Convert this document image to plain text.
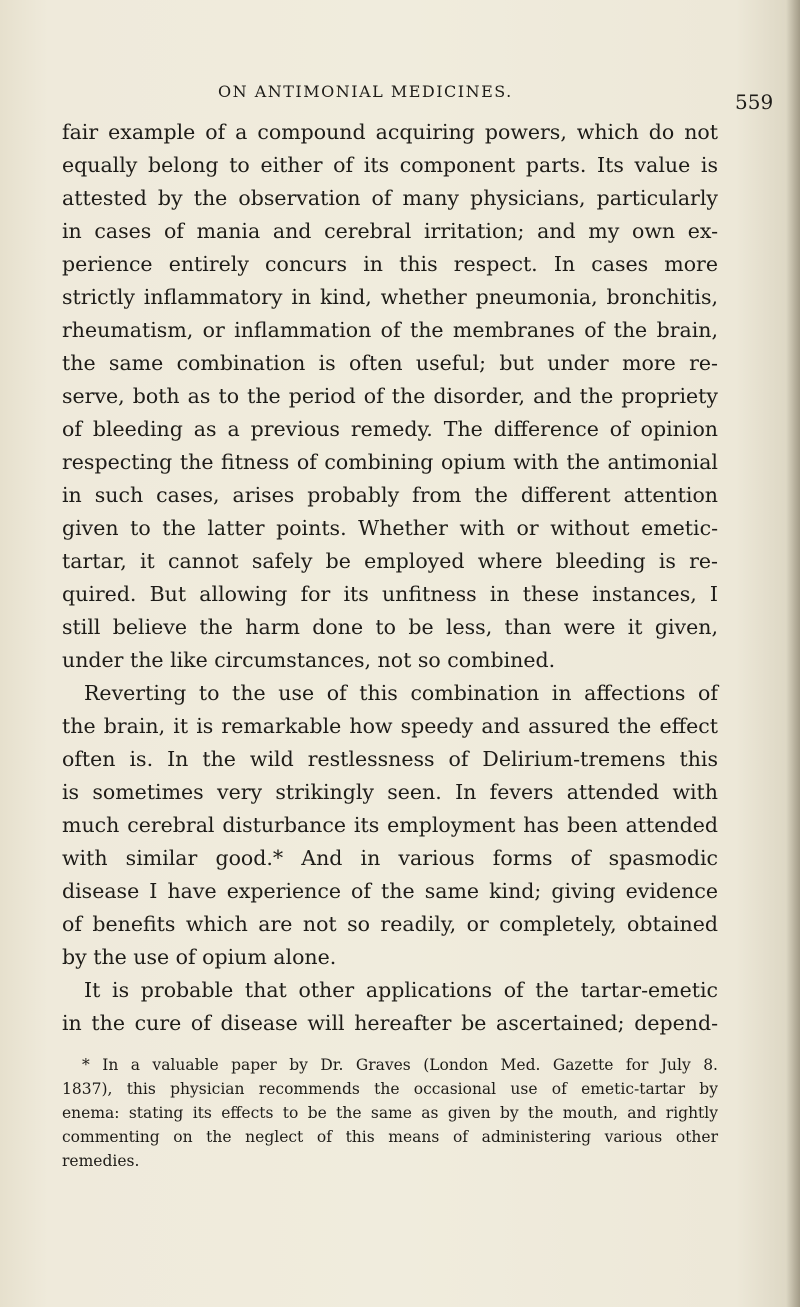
ON ANTIMONIAL MEDICINES.	559
fair example of a compound acquiring powers, which do not
equally belong to either of its component parts. Its value is
attested by the observation of many physicians, particularly
in cases of mania and cerebral irritation; and my own ex-
perience entirely concurs in this respect. In cases more
strictly inflammatory in kind, whether pneumonia, bronchitis,
rheumatism, or inflammation of the membranes of the brain,
the same combination is often useful; but under more re-
serve, both as to the period of the disorder, and the propriety
of bleeding as a previous remedy. The difference of opinion
respecting the fitness of combining opium with the antimonial
in such cases, arises probably from the different attention
given to the latter points. Whether with or without emetic-
tartar, it cannot safely be employed where bleeding is re-
quired. But allowing for its unfitness in these instances, I
still believe the harm done to be less, than were it given,
under the like circumstances, not so combined.
Reverting to the use of this combination in affections of
the brain, it is remarkable how speedy and assured the effect
often is. In the wild restlessness of Delirium-tremens this
is sometimes very strikingly seen. In fevers attended with
much cerebral disturbance its employment has been attended
with similar good.* And in various forms of spasmodic
disease I have experience of the same kind; giving evidence
of benefits which are not so readily, or completely, obtained
by the use of opium alone.
It is probable that other applications of the tartar-emetic
in the cure of disease will hereafter be ascertained; depend-
* In a valuable paper by Dr. Graves (London Med. Gazette for July 8.
1837), this physician recommends the occasional use of emetic-tartar by
enema: stating its effects to be the same as given by the mouth, and rightly
commenting on the neglect of this means of administering various other
remedies.
